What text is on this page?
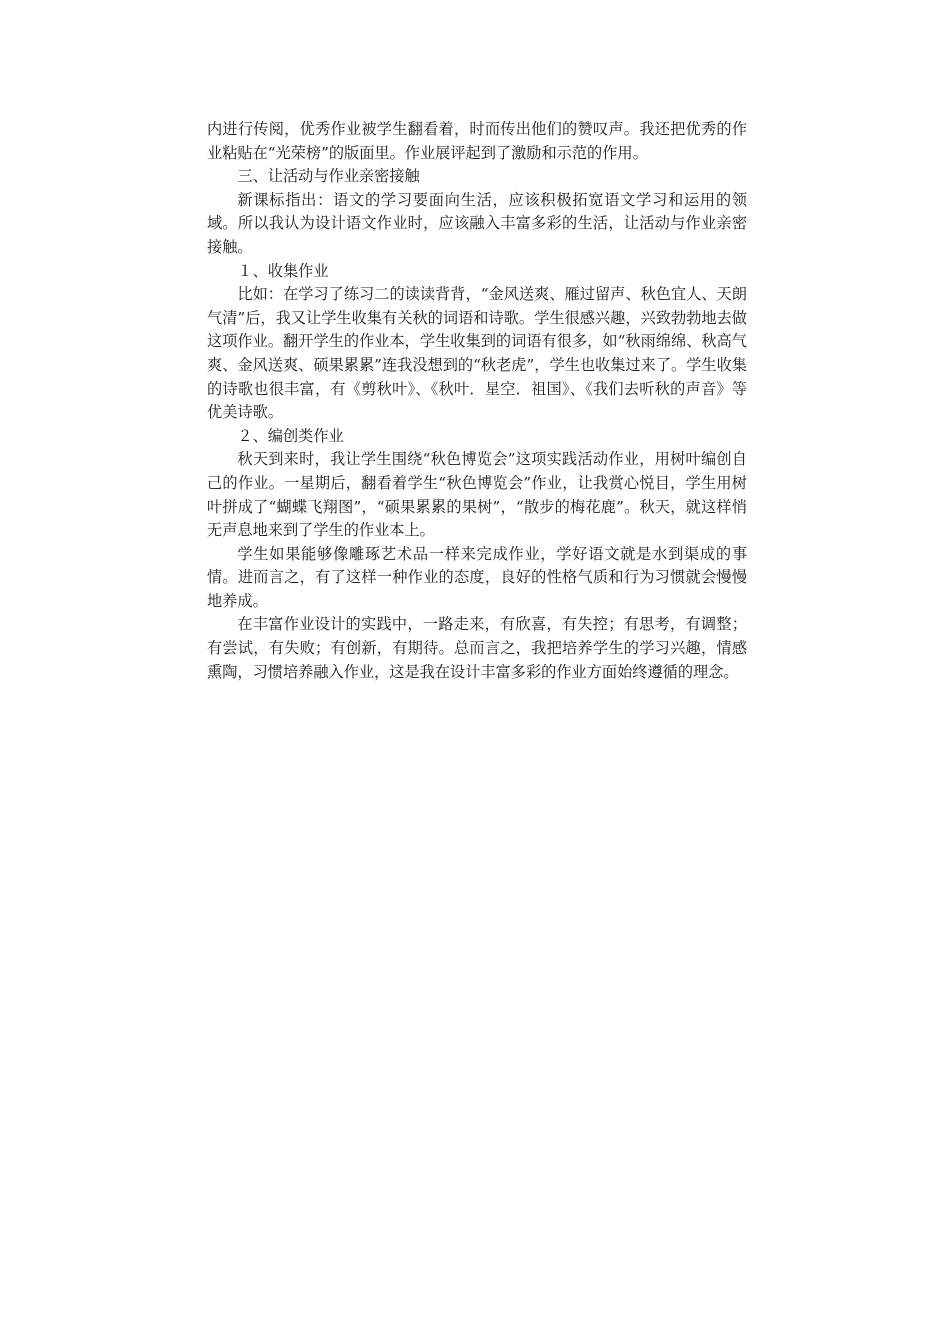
内进行传阅，优秀作业被学生翻看着，时而传出他们的赞叹声。我还把优秀的作业粘贴在“光荣榜”的版面里。作业展评起到了激励和示范的作用。

三、让活动与作业亲密接触

新课标指出：语文的学习要面向生活，应该积极拓宽语文学习和运用的领域。所以我认为设计语文作业时，应该融入丰富多彩的生活，让活动与作业亲密接触。

１、收集作业

比如：在学习了练习二的读读背背，“金风送爽、雁过留声、秋色宜人、天朗气清”后，我又让学生收集有关秋的词语和诗歌。学生很感兴趣，兴致勃勃地去做这项作业。翻开学生的作业本，学生收集到的词语有很多，如“秋雨绵绵、秋高气爽、金风送爽、硕果累累”连我没想到的“秋老虎”，学生也收集过来了。学生收集的诗歌也很丰富，有《剪秋叶》、《秋叶．星空．祖国》、《我们去听秋的声音》等优美诗歌。

２、编创类作业

秋天到来时，我让学生围绕“秋色博览会”这项实践活动作业，用树叶编创自己的作业。一星期后，翻看着学生“秋色博览会”作业，让我赏心悦目，学生用树叶拼成了“蝴蝶飞翔图”，“硕果累累的果树”，“散步的梅花鹿”。秋天，就这样悄无声息地来到了学生的作业本上。

学生如果能够像雕琢艺术品一样来完成作业，学好语文就是水到渠成的事情。进而言之，有了这样一种作业的态度，良好的性格气质和行为习惯就会慢慢地养成。

在丰富作业设计的实践中，一路走来，有欣喜，有失控；有思考，有调整；有尝试，有失败；有创新，有期待。总而言之，我把培养学生的学习兴趣，情感熏陶，习惯培养融入作业，这是我在设计丰富多彩的作业方面始终遵循的理念。
